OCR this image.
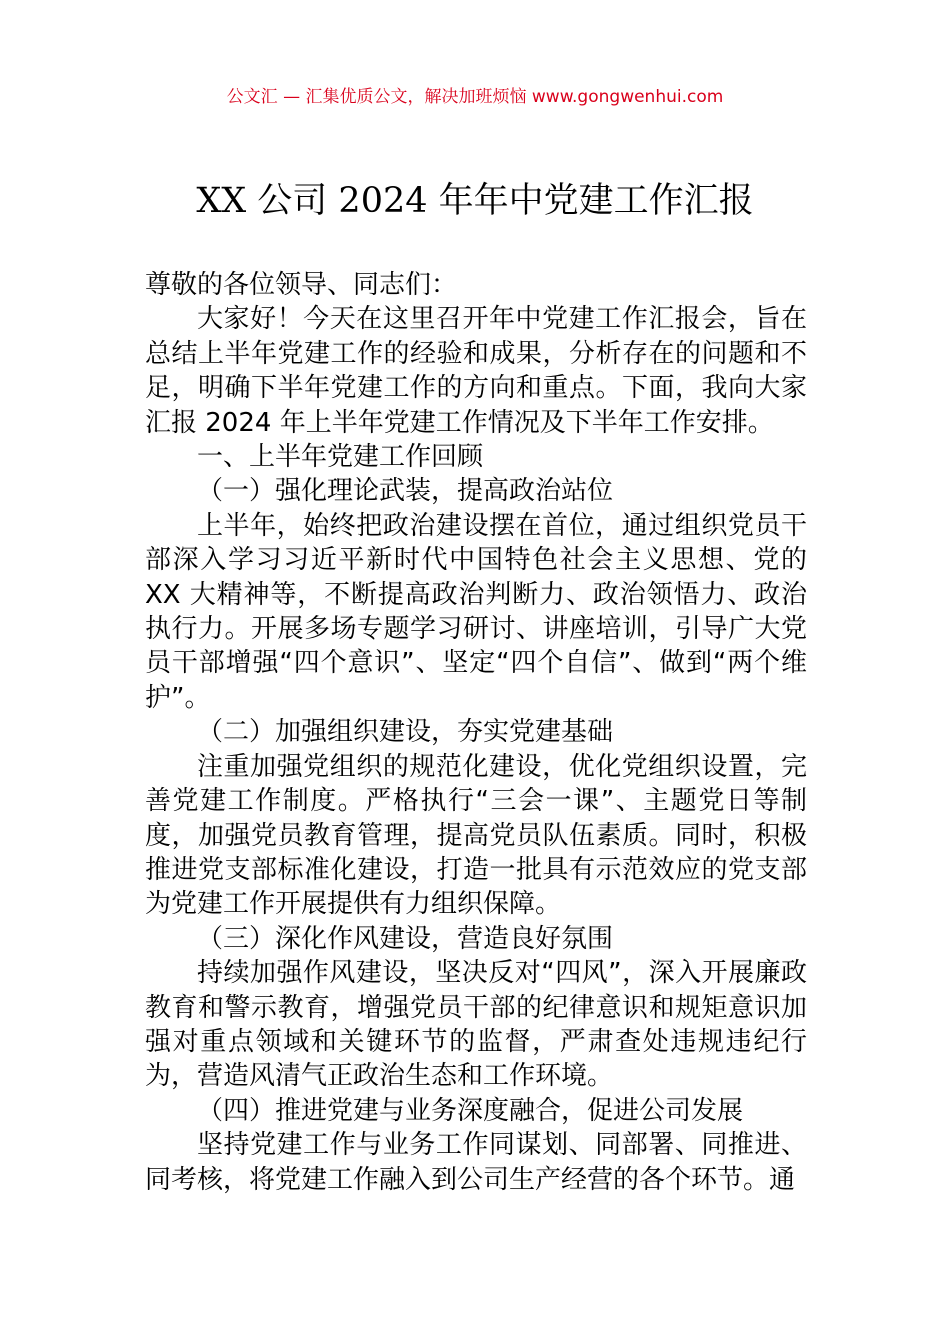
公文汇 — 汇集优质公文，解决加班烦恼 www.gongwenhui.com
XX 公司 2024 年年中党建工作汇报

尊敬的各位领导、同志们：

大家好！今天在这里召开年中党建工作汇报会，旨在总结上半年党建工作的经验和成果，分析存在的问题和不足，明确下半年党建工作的方向和重点。下面，我向大家汇报 2024 年上半年党建工作情况及下半年工作安排。

一、上半年党建工作回顾

（一）强化理论武装，提高政治站位

上半年，始终把政治建设摆在首位，通过组织党员干部深入学习习近平新时代中国特色社会主义思想、党的 XX 大精神等，不断提高政治判断力、政治领悟力、政治执行力。开展多场专题学习研讨、讲座培训，引导广大党员干部增强“四个意识”、坚定“四个自信”、做到“两个维护”。

（二）加强组织建设，夯实党建基础

注重加强党组织的规范化建设，优化党组织设置，完善党建工作制度。严格执行“三会一课”、主题党日等制度，加强党员教育管理，提高党员队伍素质。同时，积极推进党支部标准化建设，打造一批具有示范效应的党支部为党建工作开展提供有力组织保障。

（三）深化作风建设，营造良好氛围

持续加强作风建设，坚决反对“四风”，深入开展廉政教育和警示教育，增强党员干部的纪律意识和规矩意识加强对重点领域和关键环节的监督，严肃查处违规违纪行为，营造风清气正政治生态和工作环境。

（四）推进党建与业务深度融合，促进公司发展

坚持党建工作与业务工作同谋划、同部署、同推进、同考核，将党建工作融入到公司生产经营的各个环节。通
